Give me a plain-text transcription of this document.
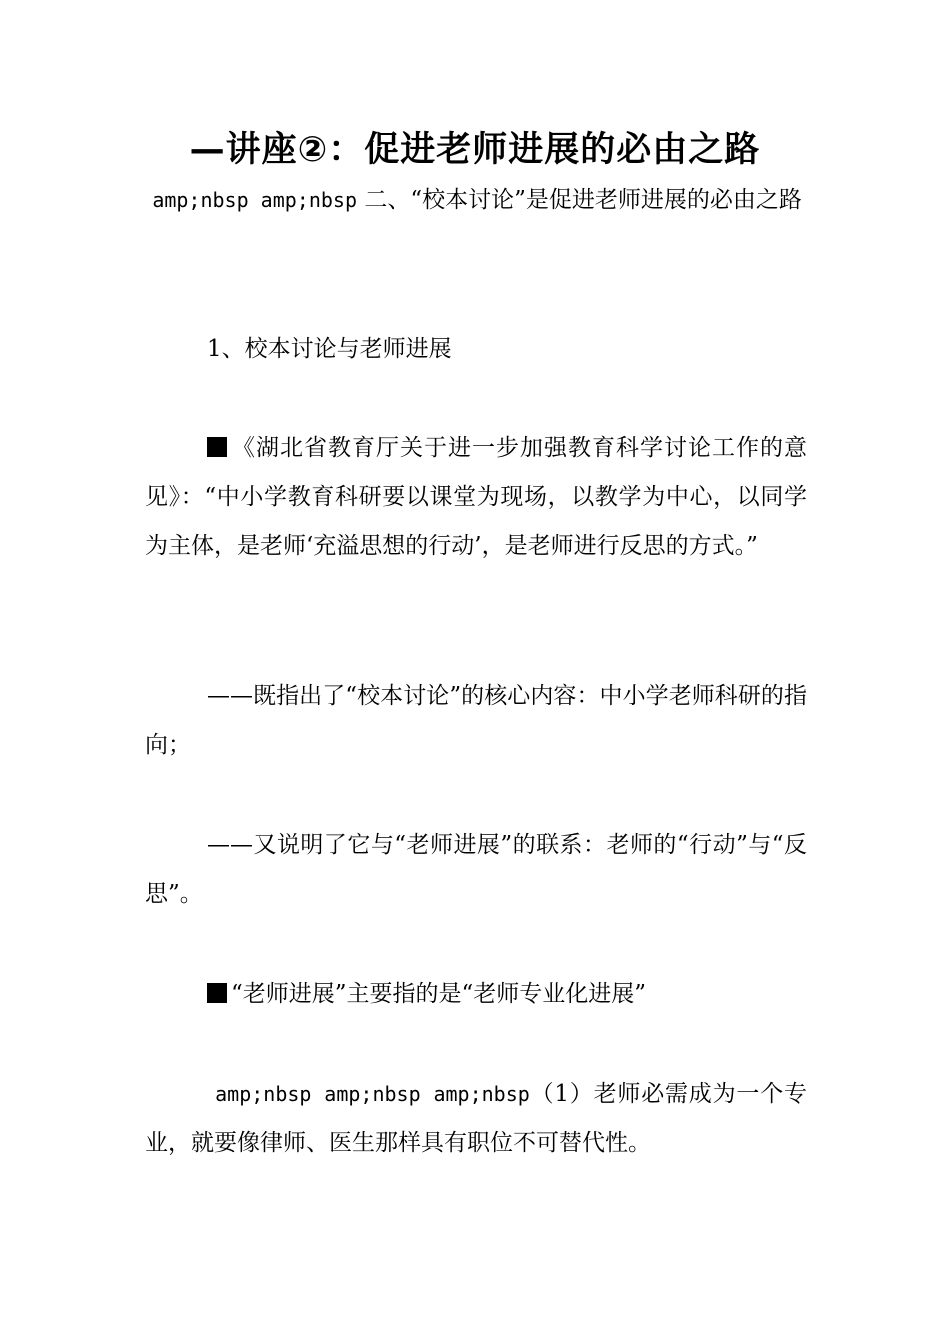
—讲座②：促进老师进展的必由之路

amp;nbsp amp;nbsp 二、“校本讨论”是促进老师进展的必由之路

1、校本讨论与老师进展

《湖北省教育厅关于进一步加强教育科学讨论工作的意见》：“中小学教育科研要以课堂为现场，以教学为中心，以同学为主体，是老师‘充溢思想的行动’，是老师进行反思的方式。”

——既指出了“校本讨论”的核心内容：中小学老师科研的指向；

——又说明了它与“老师进展”的联系：老师的“行动”与“反思”。

“老师进展”主要指的是“老师专业化进展”

amp;nbsp amp;nbsp amp;nbsp（1）老师必需成为一个专业，就要像律师、医生那样具有职位不可替代性。
